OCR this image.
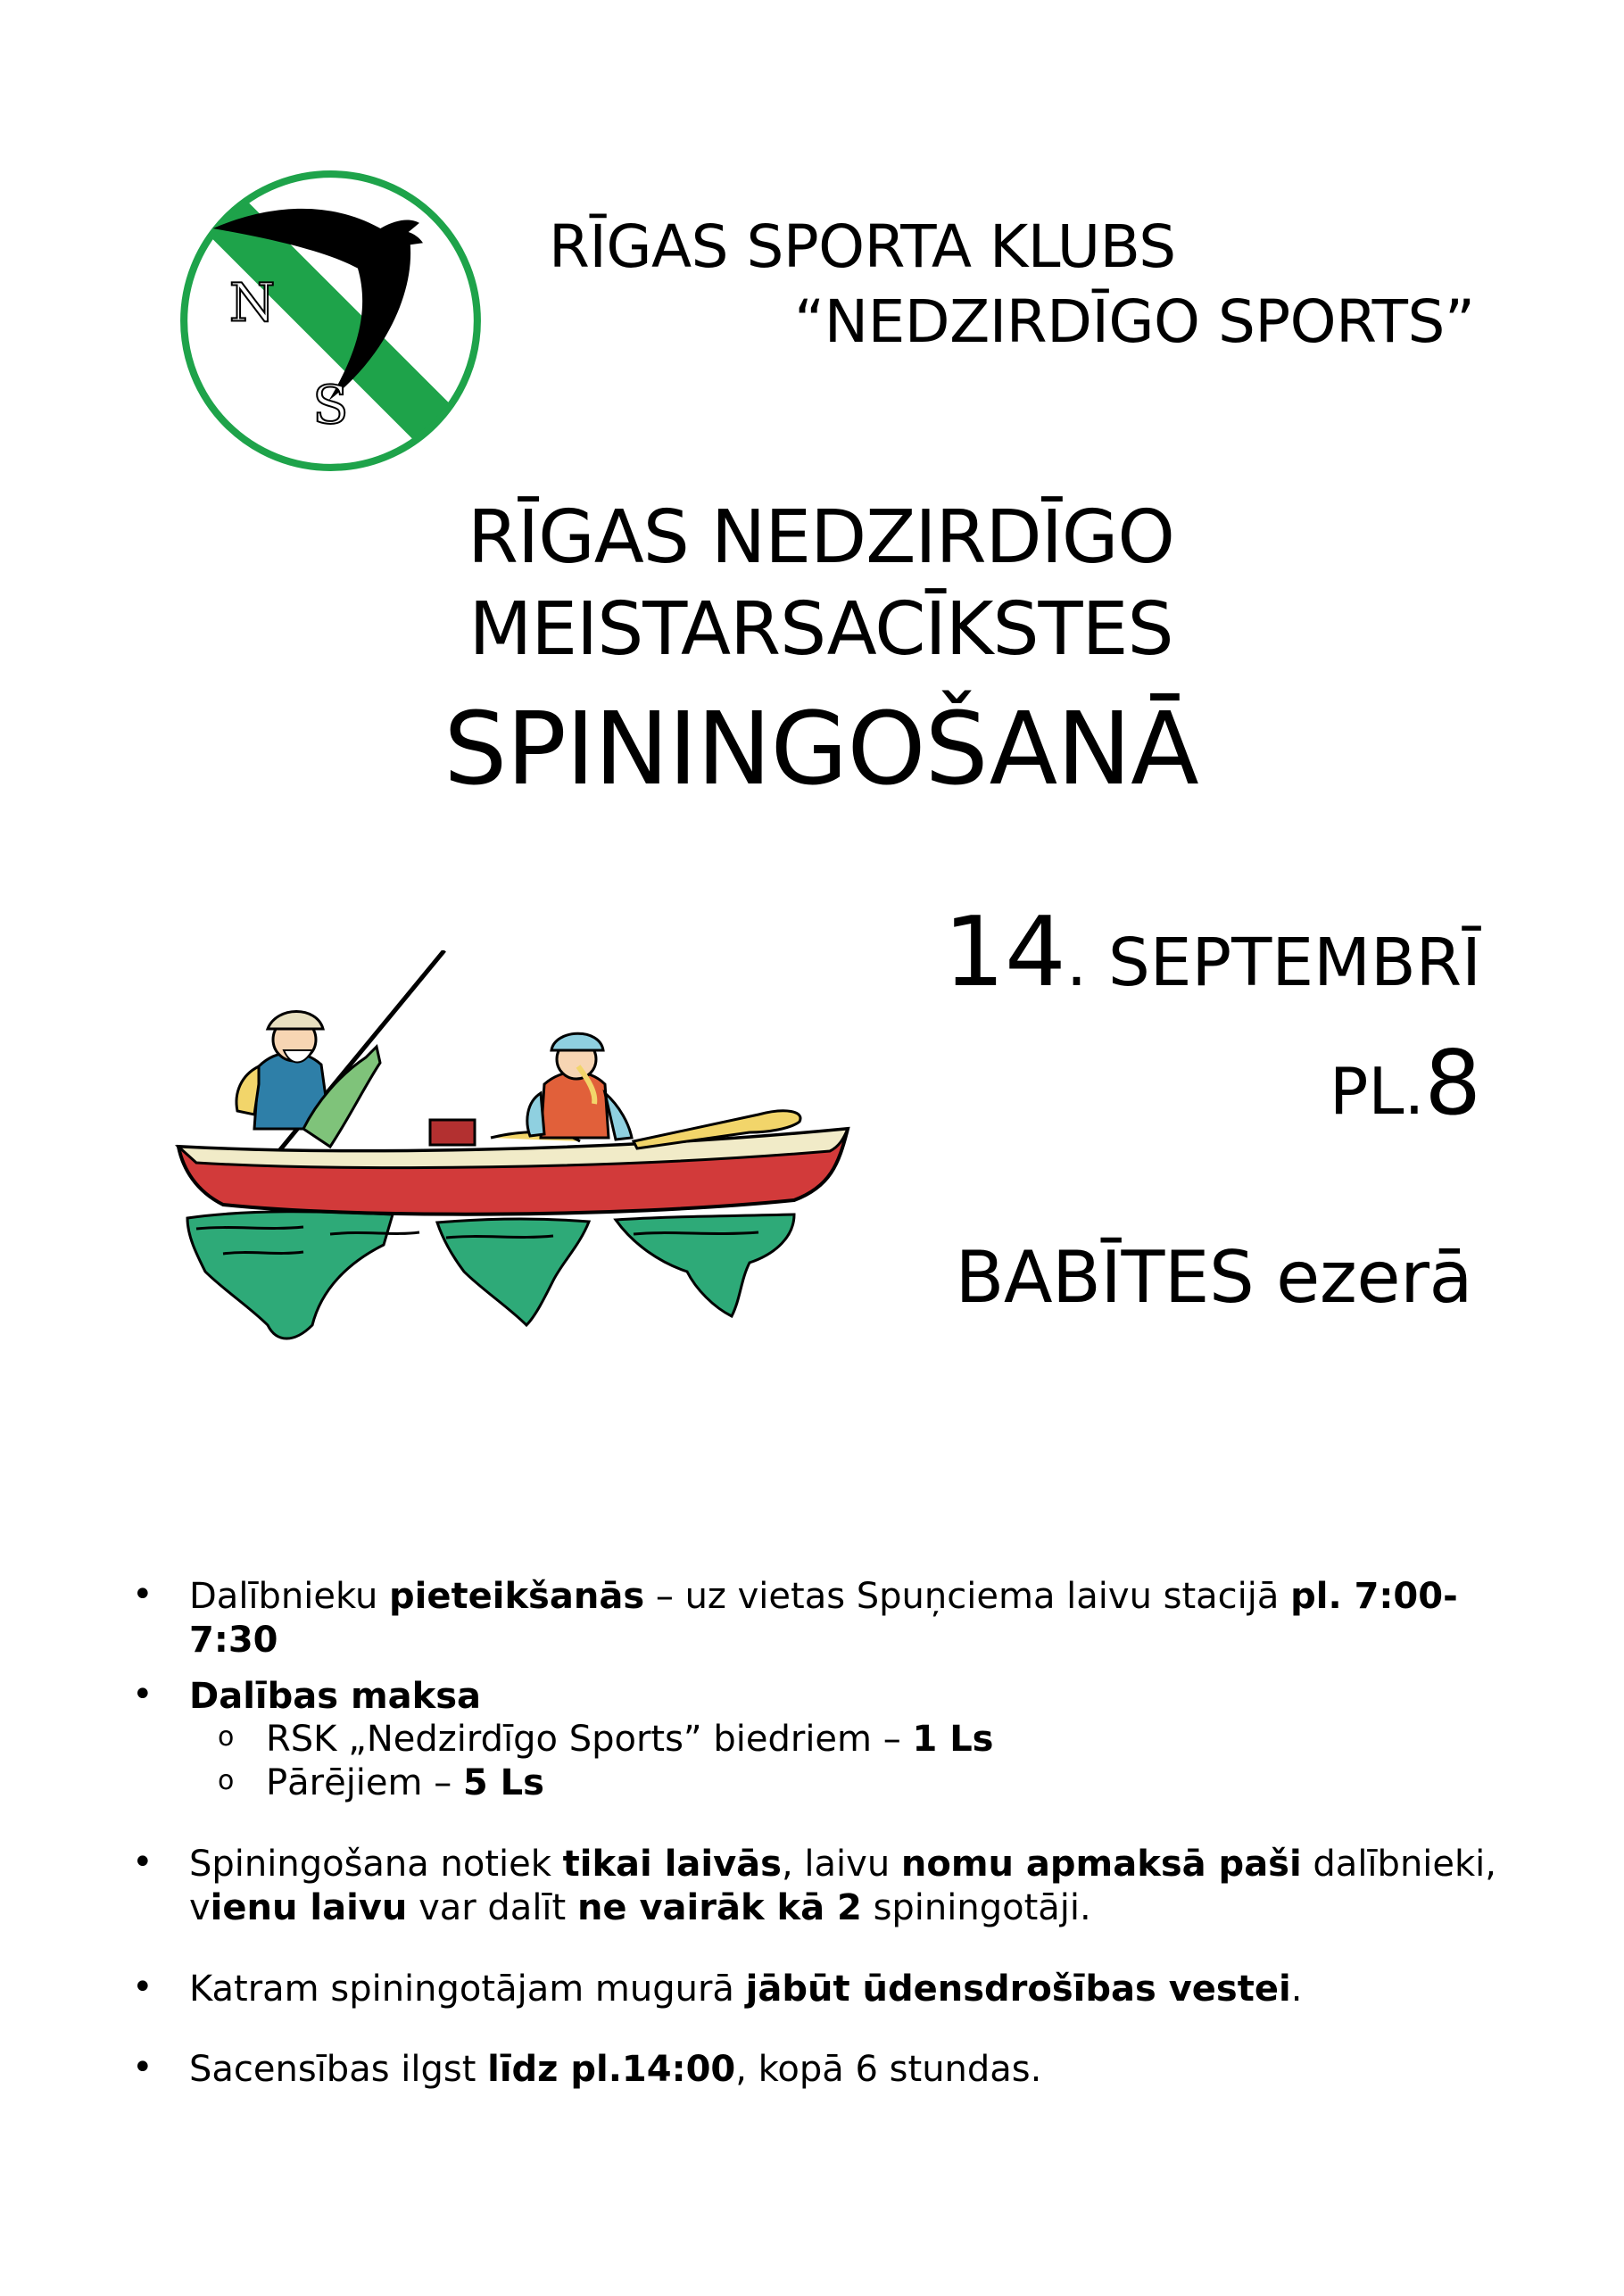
N
S
RĪGAS SPORTA KLUBS
“NEDZIRDĪGO SPORTS”
RĪGAS NEDZIRDĪGO
MEISTARSACĪKSTES
SPININGOŠANĀ
14. SEPTEMBRĪ
PL.8
BABĪTES ezerā
• Dalībnieku pieteikšanās – uz vietas Spuņciema laivu stacijā pl. 7:00-7:30
• Dalības maksa
o RSK „Nedzirdīgo Sports” biedriem – 1 Ls
o Pārējiem – 5 Ls
• Spiningošana notiek tikai laivās, laivu nomu apmaksā paši dalībnieki,
vienu laivu var dalīt ne vairāk kā 2 spiningotāji.
• Katram spiningotājam mugurā jābūt ūdensdrošības vestei.
• Sacensības ilgst līdz pl.14:00, kopā 6 stundas.
